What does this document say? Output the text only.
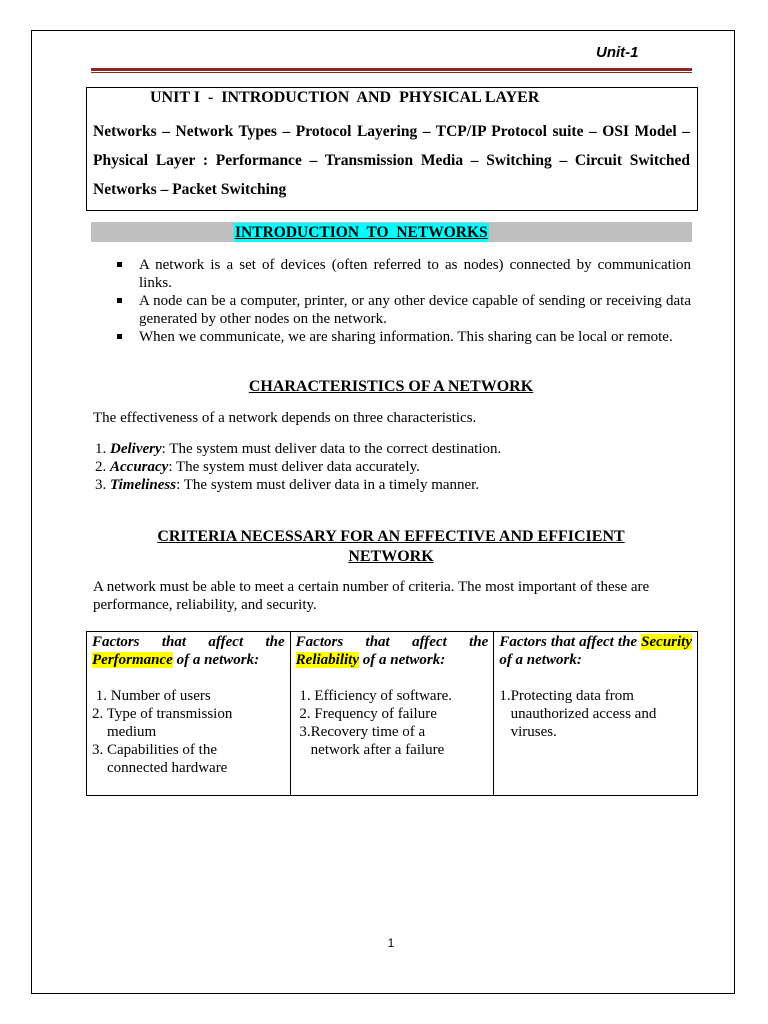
Unit-1
UNIT I  -  INTRODUCTION  AND  PHYSICAL LAYER
Networks – Network Types – Protocol Layering – TCP/IP Protocol suite – OSI Model – Physical Layer : Performance – Transmission Media – Switching – Circuit Switched Networks – Packet Switching
INTRODUCTION  TO  NETWORKS
A network is a set of devices (often referred to as nodes) connected by communication links.
A node can be a computer, printer, or any other device capable of sending or receiving data generated by other nodes on the network.
When we communicate, we are sharing information. This sharing can be local or remote.
CHARACTERISTICS OF A NETWORK
The effectiveness of a network depends on three characteristics.
1. Delivery: The system must deliver data to the correct destination.
2. Accuracy: The system must deliver data accurately.
3. Timeliness: The system must deliver data in a timely manner.
CRITERIA NECESSARY FOR AN EFFECTIVE AND EFFICIENT
NETWORK
A network must be able to meet a certain number of criteria. The most important of these are performance, reliability, and security.
Factors that affect the Performance of a network:
1. Number of users
2. Type of transmission
medium
3. Capabilities of the
connected hardware

Factors that affect the Reliability of a network:
1. Efficiency of software.
2. Frequency of failure
3.Recovery time of a
network after a failure

Factors that affect the Security of a network:
1.Protecting data from
unauthorized access and
viruses.
1
